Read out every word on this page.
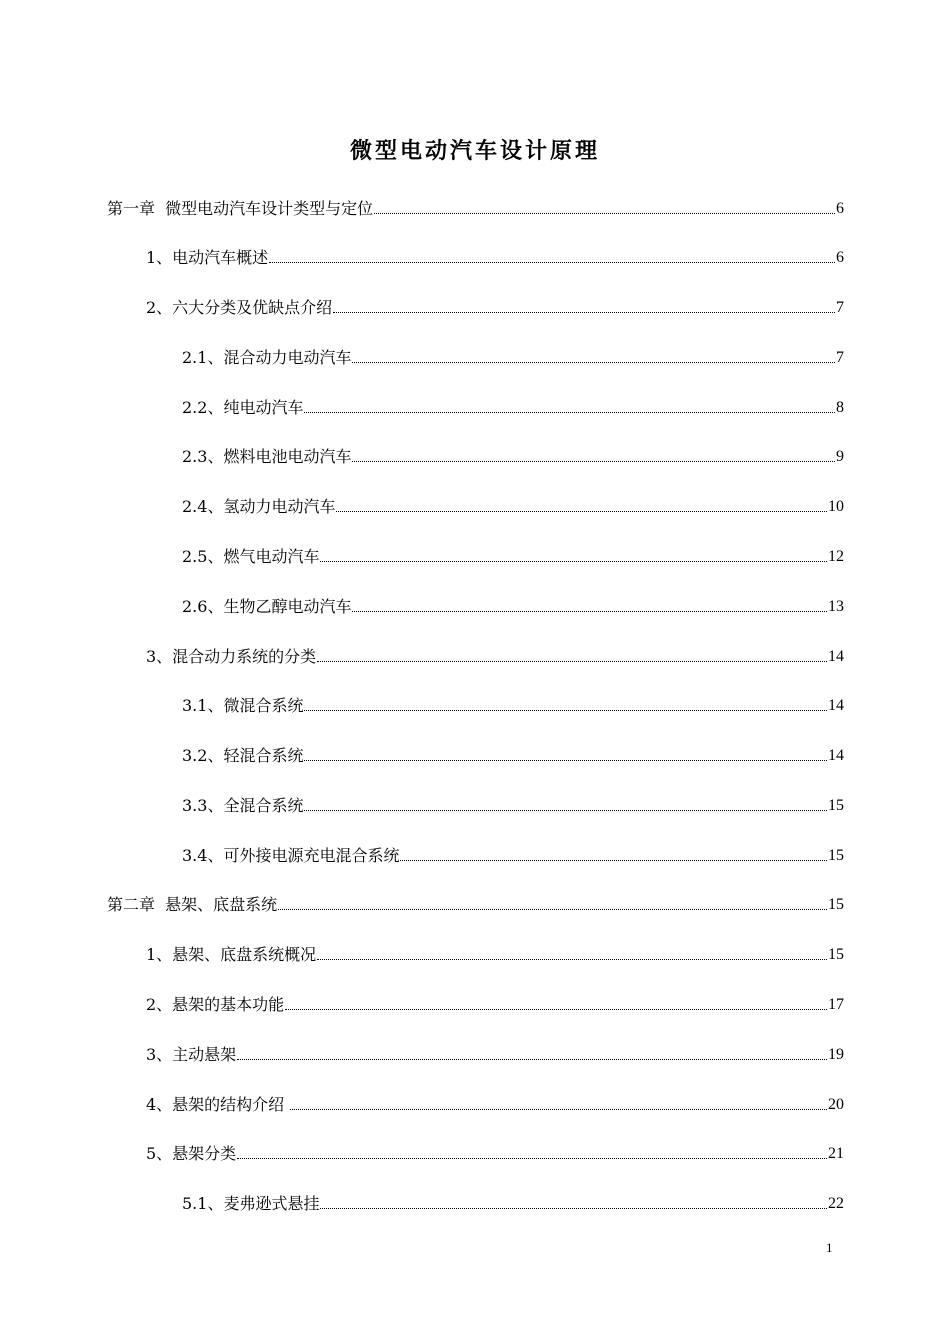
微型电动汽车设计原理
第一章  微型电动汽车设计类型与定位	6
1、电动汽车概述	6
2、六大分类及优缺点介绍	7
2.1、混合动力电动汽车	7
2.2、纯电动汽车	8
2.3、燃料电池电动汽车	9
2.4、氢动力电动汽车	10
2.5、燃气电动汽车	12
2.6、生物乙醇电动汽车	13
3、混合动力系统的分类	14
3.1、微混合系统	14
3.2、轻混合系统	14
3.3、全混合系统	15
3.4、可外接电源充电混合系统	15
第二章  悬架、底盘系统	15
1、悬架、底盘系统概况	15
2、悬架的基本功能	17
3、主动悬架	19
4、悬架的结构介绍	20
5、悬架分类	21
5.1、麦弗逊式悬挂	22
1
